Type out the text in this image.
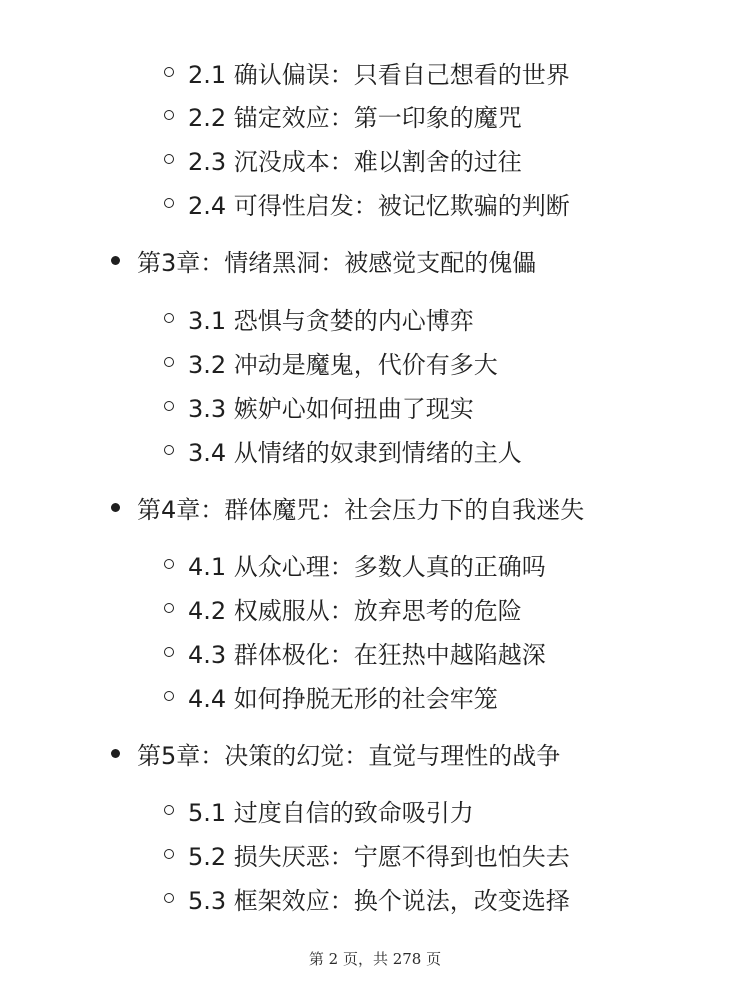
2.1 确认偏误：只看自己想看的世界
2.2 锚定效应：第一印象的魔咒
2.3 沉没成本：难以割舍的过往
2.4 可得性启发：被记忆欺骗的判断
第3章：情绪黑洞：被感觉支配的傀儡
3.1 恐惧与贪婪的内心博弈
3.2 冲动是魔鬼，代价有多大
3.3 嫉妒心如何扭曲了现实
3.4 从情绪的奴隶到情绪的主人
第4章：群体魔咒：社会压力下的自我迷失
4.1 从众心理：多数人真的正确吗
4.2 权威服从：放弃思考的危险
4.3 群体极化：在狂热中越陷越深
4.4 如何挣脱无形的社会牢笼
第5章：决策的幻觉：直觉与理性的战争
5.1 过度自信的致命吸引力
5.2 损失厌恶：宁愿不得到也怕失去
5.3 框架效应：换个说法，改变选择
第 2 页，共 278 页
